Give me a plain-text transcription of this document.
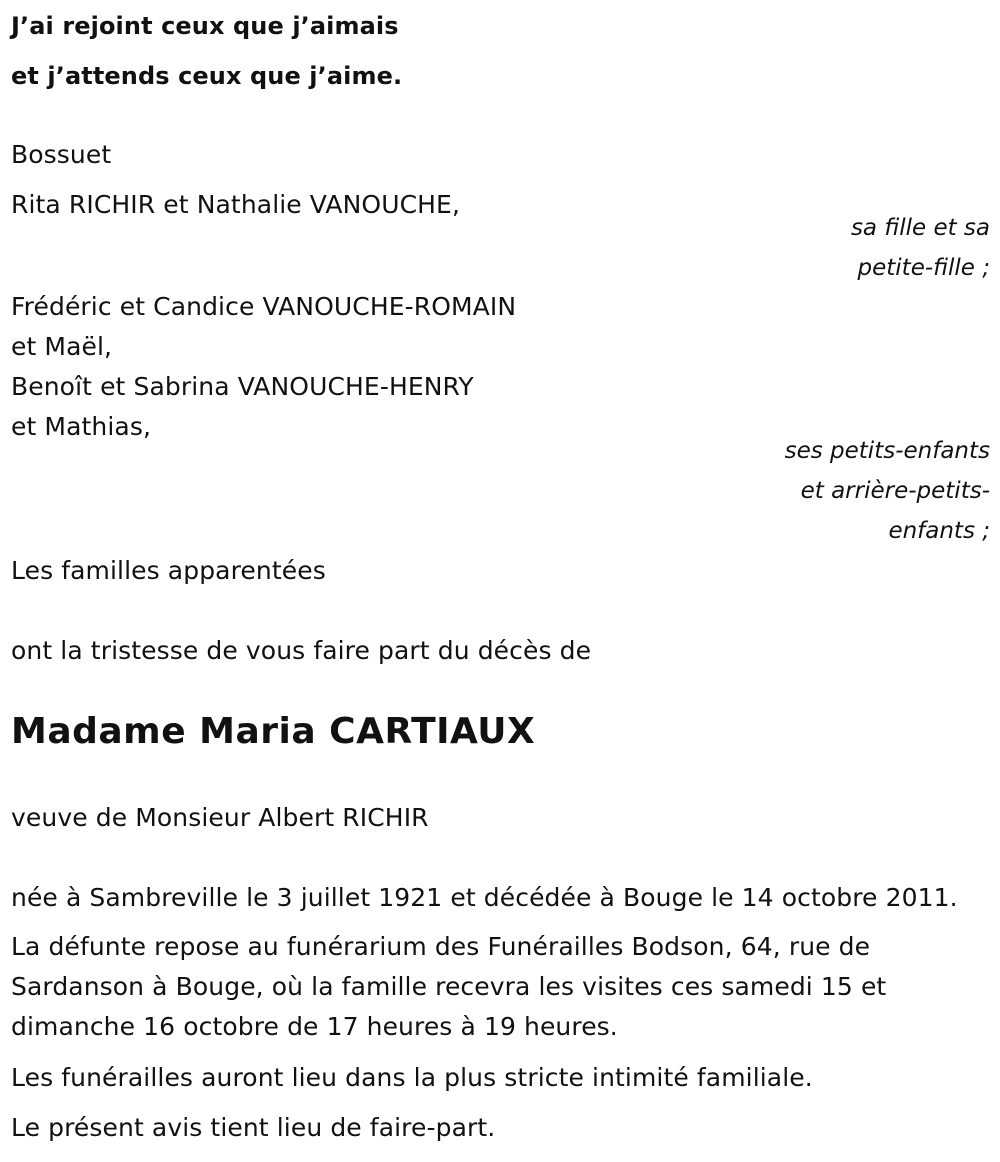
J’ai rejoint ceux que j’aimais
et j’attends ceux que j’aime.
Bossuet
Rita RICHIR et Nathalie VANOUCHE,
sa fille et sa
petite-fille ;
Frédéric et Candice VANOUCHE-ROMAIN
et Maël,
Benoît et Sabrina VANOUCHE-HENRY
et Mathias,
ses petits-enfants
et arrière-petits-
enfants ;
Les familles apparentées
ont la tristesse de vous faire part du décès de
Madame Maria CARTIAUX
veuve de Monsieur Albert RICHIR
née à Sambreville le 3 juillet 1921 et décédée à Bouge le 14 octobre 2011.
La défunte repose au funérarium des Funérailles Bodson, 64, rue de
Sardanson à Bouge, où la famille recevra les visites ces samedi 15 et
dimanche 16 octobre de 17 heures à 19 heures.
Les funérailles auront lieu dans la plus stricte intimité familiale.
Le présent avis tient lieu de faire-part.
